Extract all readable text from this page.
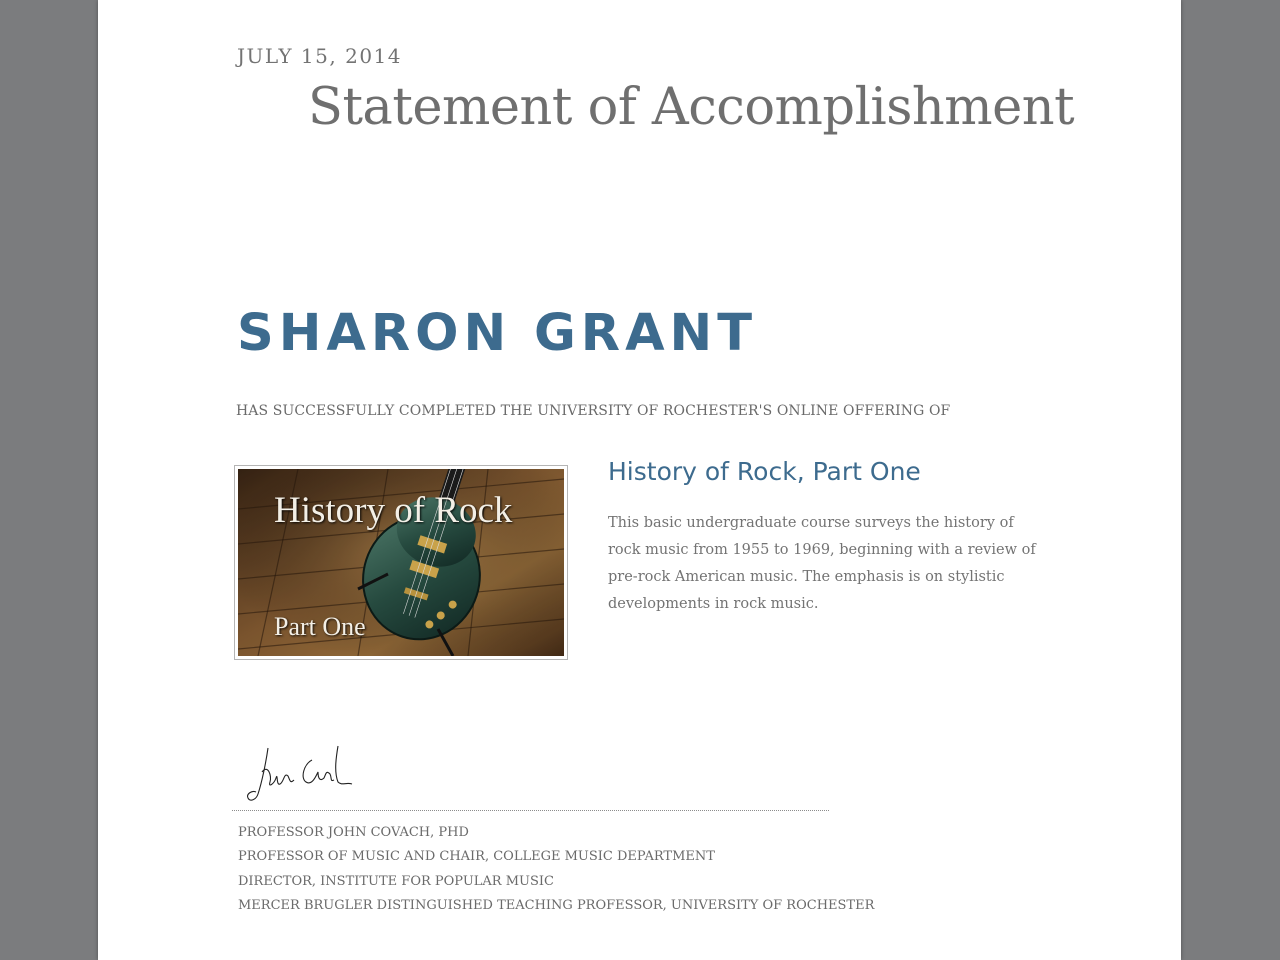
JULY 15, 2014
Statement of Accomplishment
SHARON GRANT
HAS SUCCESSFULLY COMPLETED THE UNIVERSITY OF ROCHESTER'S ONLINE OFFERING OF
History of Rock
Part One
History of Rock, Part One
This basic undergraduate course surveys the history of rock music from 1955 to 1969, beginning with a review of pre-rock American music. The emphasis is on stylistic developments in rock music.
PROFESSOR JOHN COVACH, PHD
PROFESSOR OF MUSIC AND CHAIR, COLLEGE MUSIC DEPARTMENT
DIRECTOR, INSTITUTE FOR POPULAR MUSIC
MERCER BRUGLER DISTINGUISHED TEACHING PROFESSOR, UNIVERSITY OF ROCHESTER
